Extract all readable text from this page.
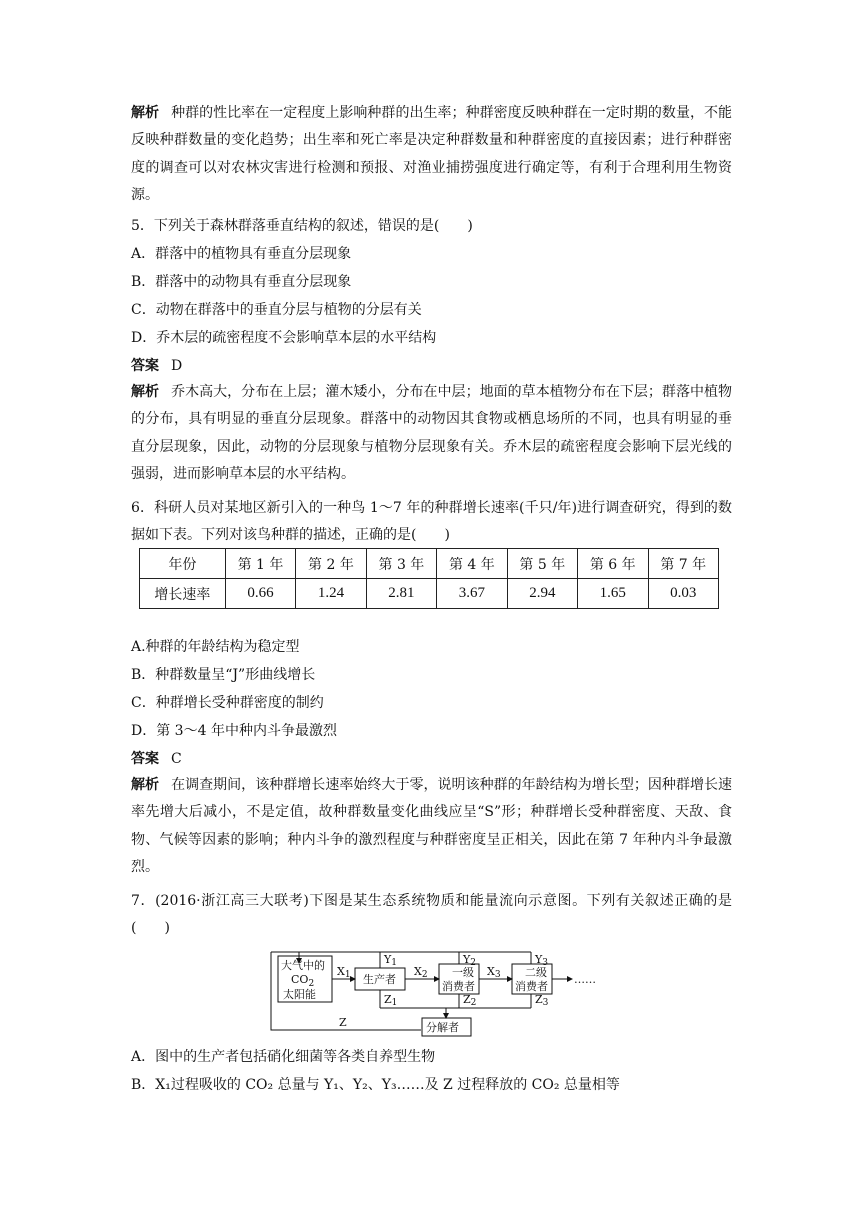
解析 种群的性比率在一定程度上影响种群的出生率；种群密度反映种群在一定时期的数量，不能反映种群数量的变化趋势；出生率和死亡率是决定种群数量和种群密度的直接因素；进行种群密度的调查可以对农林灾害进行检测和预报、对渔业捕捞强度进行确定等，有利于合理利用生物资源。

5．下列关于森林群落垂直结构的叙述，错误的是(　　)
A．群落中的植物具有垂直分层现象
B．群落中的动物具有垂直分层现象
C．动物在群落中的垂直分层与植物的分层有关
D．乔木层的疏密程度不会影响草本层的水平结构
答案 D

解析 乔木高大，分布在上层；灌木矮小，分布在中层；地面的草本植物分布在下层；群落中植物的分布，具有明显的垂直分层现象。群落中的动物因其食物或栖息场所的不同，也具有明显的垂直分层现象，因此，动物的分层现象与植物分层现象有关。乔木层的疏密程度会影响下层光线的强弱，进而影响草本层的水平结构。

6．科研人员对某地区新引入的一种鸟 1～7 年的种群增长速率(千只/年)进行调查研究，得到的数据如下表。下列对该鸟种群的描述，正确的是(　　)

年份	第 1 年	第 2 年	第 3 年	第 4 年	第 5 年	第 6 年	第 7 年
增长速率	0.66	1.24	2.81	3.67	2.94	1.65	0.03
A.种群的年龄结构为稳定型
B．种群数量呈“J”形曲线增长
C．种群增长受种群密度的制约
D．第 3～4 年中种内斗争最激烈
答案 C

解析 在调查期间，该种群增长速率始终大于零，说明该种群的年龄结构为增长型；因种群增长速率先增大后减小，不是定值，故种群数量变化曲线应呈“S”形；种群增长受种群密度、天敌、食物、气候等因素的影响；种内斗争的激烈程度与种群密度呈正相关，因此在第 7 年种内斗争最激烈。

7．(2016·浙江高三大联考)下图是某生态系统物质和能量流向示意图。下列有关叙述正确的是(　　)

大气中的
$CO_2$
太阳能
生产者
一级
消费者
二级
消费者
分解者
……
X1	X2	X3
Y1	Y2	Y3
Z1	Z2	Z3
Z
A．图中的生产者包括硝化细菌等各类自养型生物
B．X₁过程吸收的 CO₂ 总量与 Y₁、Y₂、Y₃……及 Z 过程释放的 CO₂ 总量相等
